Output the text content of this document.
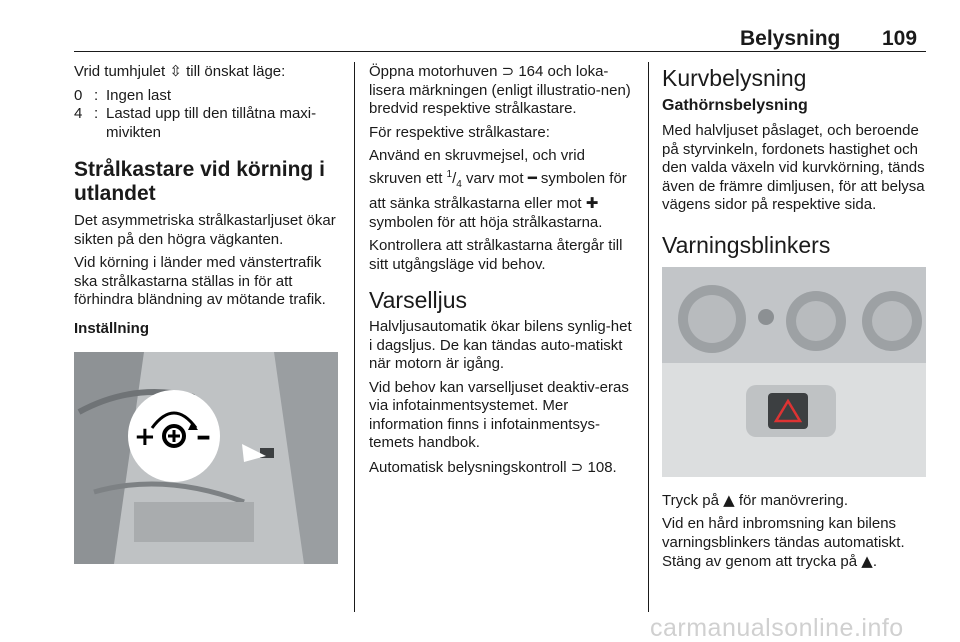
Belysning 109

Vrid tumhjulet ⇳ till önskat läge:

0 : Ingen last
4 : Lastad upp till den tillåtna maxi-mivikten
Strålkastare vid körning i utlandet

Det asymmetriska strålkastarljuset ökar sikten på den högra vägkanten.

Vid körning i länder med vänstertrafik ska strålkastarna ställas in för att förhindra bländning av mötande trafik.

Inställning
+ –

Öppna motorhuven ⊃ 164 och loka-lisera märkningen (enligt illustratio-nen) bredvid respektive strålkastare.

För respektive strålkastare:

Använd en skruvmejsel, och vrid skruven ett $^1/_4$ varv mot ━ symbolen för att sänka strålkastarna eller mot ✚ symbolen för att höja strålkastarna.

Kontrollera att strålkastarna återgår till sitt utgångsläge vid behov.

Varselljus

Halvljusautomatik ökar bilens synlig-het i dagsljus. De kan tändas auto-matiskt när motorn är igång.

Vid behov kan varselljuset deaktiv-eras via infotainmentsystemet. Mer information finns i infotainmentsys-temets handbok.

Automatisk belysningskontroll ⊃ 108.

Kurvbelysning
Gathörnsbelysning

Med halvljuset påslaget, och beroende på styrvinkeln, fordonets hastighet och den valda växeln vid kurvkörning, tänds även de främre dimljusen, för att belysa vägens sidor på respektive sida.

Varningsblinkers

Tryck på ▲ för manövrering.

Vid en hård inbromsning kan bilens varningsblinkers tändas automatiskt. Stäng av genom att trycka på ▲.

carmanualsonline.info
